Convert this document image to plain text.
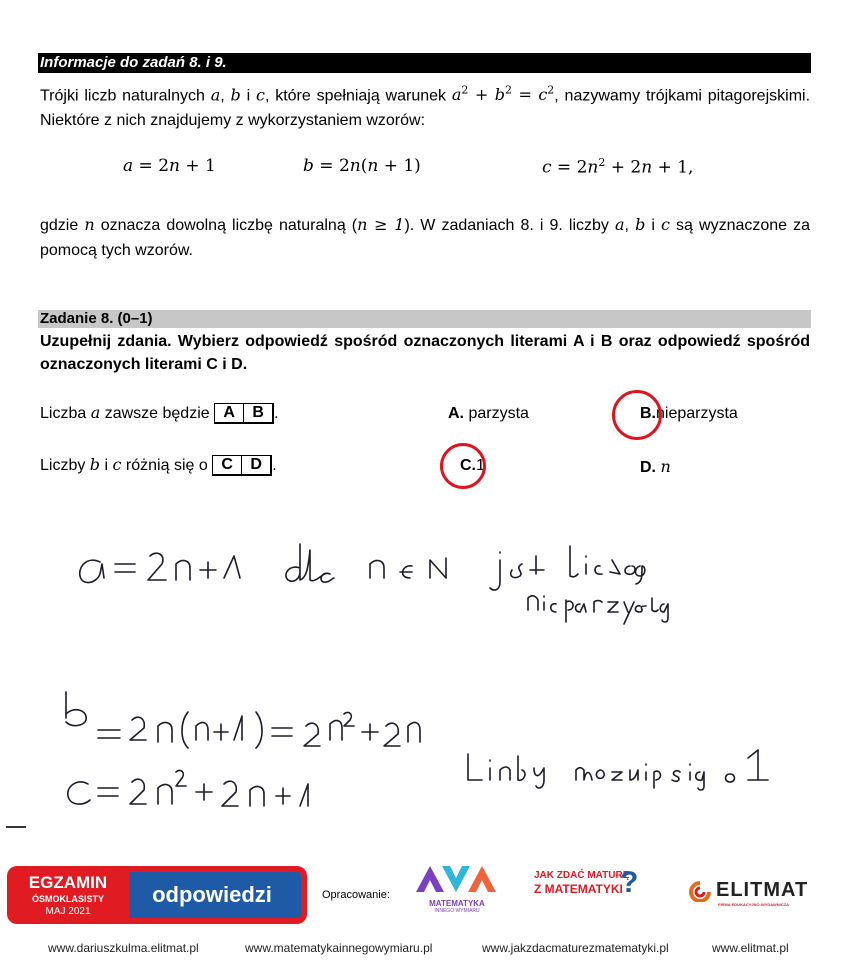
Informacje do zadań 8. i 9.
Trójki liczb naturalnych a, b i c, które spełniają warunek $a^2 + b^2 = c^2$, nazywamy trójkami pitagorejskimi. Niektóre z nich znajdujemy z wykorzystaniem wzorów:
a = 2n + 1	b = 2n(n + 1)	$c = 2n^2 + 2n + 1$,
gdzie n oznacza dowolną liczbę naturalną (n ≥ 1). W zadaniach 8. i 9. liczby a, b i c są wyznaczone za pomocą tych wzorów.
Zadanie 8. (0–1)
Uzupełnij zdania. Wybierz odpowiedź spośród oznaczonych literami A i B oraz odpowiedź spośród oznaczonych literami C i D.
Liczba a zawsze będzie A	B .	A. parzysta	B.nieparzysta
Liczby b i c różnią się o C	D .	C.1	D. n
odpowiedzi
EGZAMIN
ÓSMOKLASISTY
MAJ 2021
Opracowanie:
MATEMATYKA
INNEGO WYMIARU
JAK ZDAĆ MATURĘ
Z MATEMATYKI
?	ELITMAT
FIRMA EDUKACYJNO-WYDAWNICZA
www.dariuszkulma.elitmat.pl	www.matematykainnegowymiaru.pl	www.jakzdacmaturezmatematyki.pl	www.elitmat.pl
